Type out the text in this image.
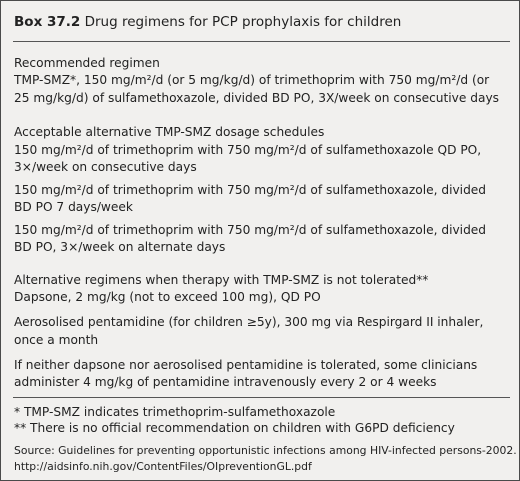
Box 37.2 Drug regimens for PCP prophylaxis for children
Recommended regimen
TMP-SMZ*, 150 mg/m²/d (or 5 mg/kg/d) of trimethoprim with 750 mg/m²/d (or
25 mg/kg/d) of sulfamethoxazole, divided BD PO, 3X/week on consecutive days
Acceptable alternative TMP-SMZ dosage schedules
150 mg/m²/d of trimethoprim with 750 mg/m²/d of sulfamethoxazole QD PO,
3×/week on consecutive days
150 mg/m²/d of trimethoprim with 750 mg/m²/d of sulfamethoxazole, divided
BD PO 7 days/week
150 mg/m²/d of trimethoprim with 750 mg/m²/d of sulfamethoxazole, divided
BD PO, 3×/week on alternate days
Alternative regimens when therapy with TMP-SMZ is not tolerated**
Dapsone, 2 mg/kg (not to exceed 100 mg), QD PO
Aerosolised pentamidine (for children ≥5y), 300 mg via Respirgard II inhaler,
once a month
If neither dapsone nor aerosolised pentamidine is tolerated, some clinicians
administer 4 mg/kg of pentamidine intravenously every 2 or 4 weeks
* TMP-SMZ indicates trimethoprim-sulfamethoxazole
** There is no official recommendation on children with G6PD deficiency
Source: Guidelines for preventing opportunistic infections among HIV-infected persons-2002.
http://aidsinfo.nih.gov/ContentFiles/OIpreventionGL.pdf
